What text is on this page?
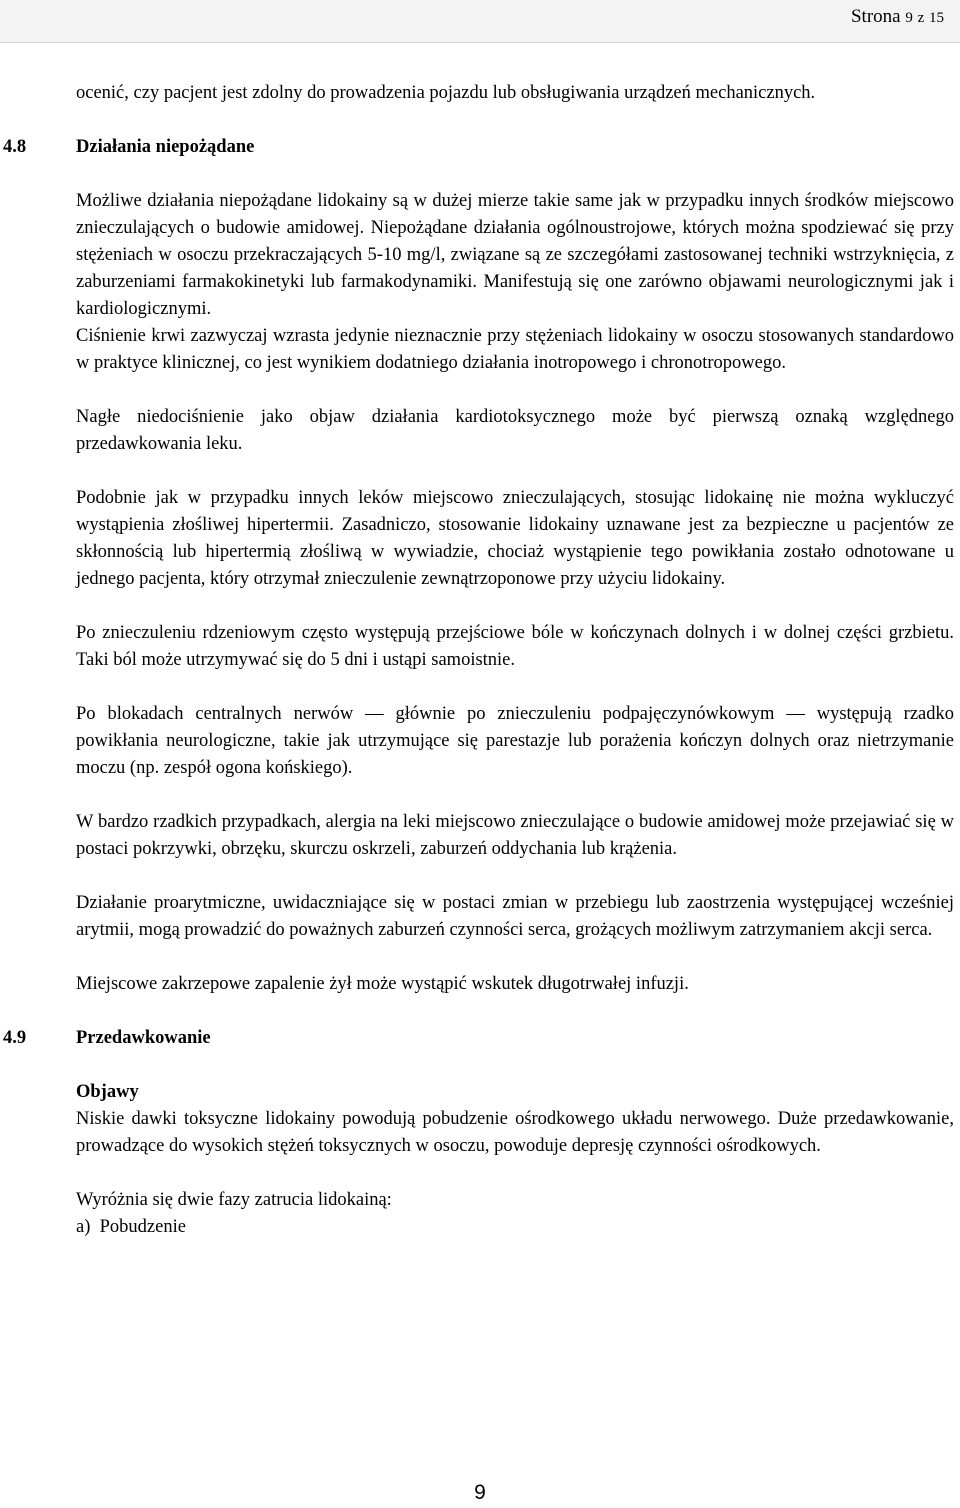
Strona 9 z 15

ocenić, czy pacjent jest zdolny do prowadzenia pojazdu lub obsługiwania urządzeń mechanicznych.

4.8	Działania niepożądane

Możliwe działania niepożądane lidokainy są w dużej mierze takie same jak w przypadku innych środków miejscowo znieczulających o budowie amidowej. Niepożądane działania ogólnoustrojowe, których można spodziewać się przy stężeniach w osoczu przekraczających 5-10 mg/l, związane są ze szczegółami zastosowanej techniki wstrzyknięcia, z zaburzeniami farmakokinetyki lub farmakodynamiki. Manifestują się one zarówno objawami neurologicznymi jak i kardiologicznymi.

Ciśnienie krwi zazwyczaj wzrasta jedynie nieznacznie przy stężeniach lidokainy w osoczu stosowanych standardowo w praktyce klinicznej, co jest wynikiem dodatniego działania inotropowego i chronotropowego.

Nagłe niedociśnienie jako objaw działania kardiotoksycznego może być pierwszą oznaką względnego przedawkowania leku.

Podobnie jak w przypadku innych leków miejscowo znieczulających, stosując lidokainę nie można wykluczyć wystąpienia złośliwej hipertermii. Zasadniczo, stosowanie lidokainy uznawane jest za bezpieczne u pacjentów ze skłonnością lub hipertermią złośliwą w wywiadzie, chociaż wystąpienie tego powikłania zostało odnotowane u jednego pacjenta, który otrzymał znieczulenie zewnątrzoponowe przy użyciu lidokainy.

Po znieczuleniu rdzeniowym często występują przejściowe bóle w kończynach dolnych i w dolnej części grzbietu. Taki ból może utrzymywać się do 5 dni i ustąpi samoistnie.

Po blokadach centralnych nerwów — głównie po znieczuleniu podpajęczynówkowym — występują rzadko powikłania neurologiczne, takie jak utrzymujące się parestazje lub porażenia kończyn dolnych oraz nietrzymanie moczu (np. zespół ogona końskiego).

W bardzo rzadkich przypadkach, alergia na leki miejscowo znieczulające o budowie amidowej może przejawiać się w postaci pokrzywki, obrzęku, skurczu oskrzeli, zaburzeń oddychania lub krążenia.

Działanie proarytmiczne, uwidaczniające się w postaci zmian w przebiegu lub zaostrzenia występującej wcześniej arytmii, mogą prowadzić do poważnych zaburzeń czynności serca, grożących możliwym zatrzymaniem akcji serca.

Miejscowe zakrzepowe zapalenie żył może wystąpić wskutek długotrwałej infuzji.

4.9	Przedawkowanie

Objawy

Niskie dawki toksyczne lidokainy powodują pobudzenie ośrodkowego układu nerwowego. Duże przedawkowanie, prowadzące do wysokich stężeń toksycznych w osoczu, powoduje depresję czynności ośrodkowych.

Wyróżnia się dwie fazy zatrucia lidokainą:

a)  Pobudzenie

9
